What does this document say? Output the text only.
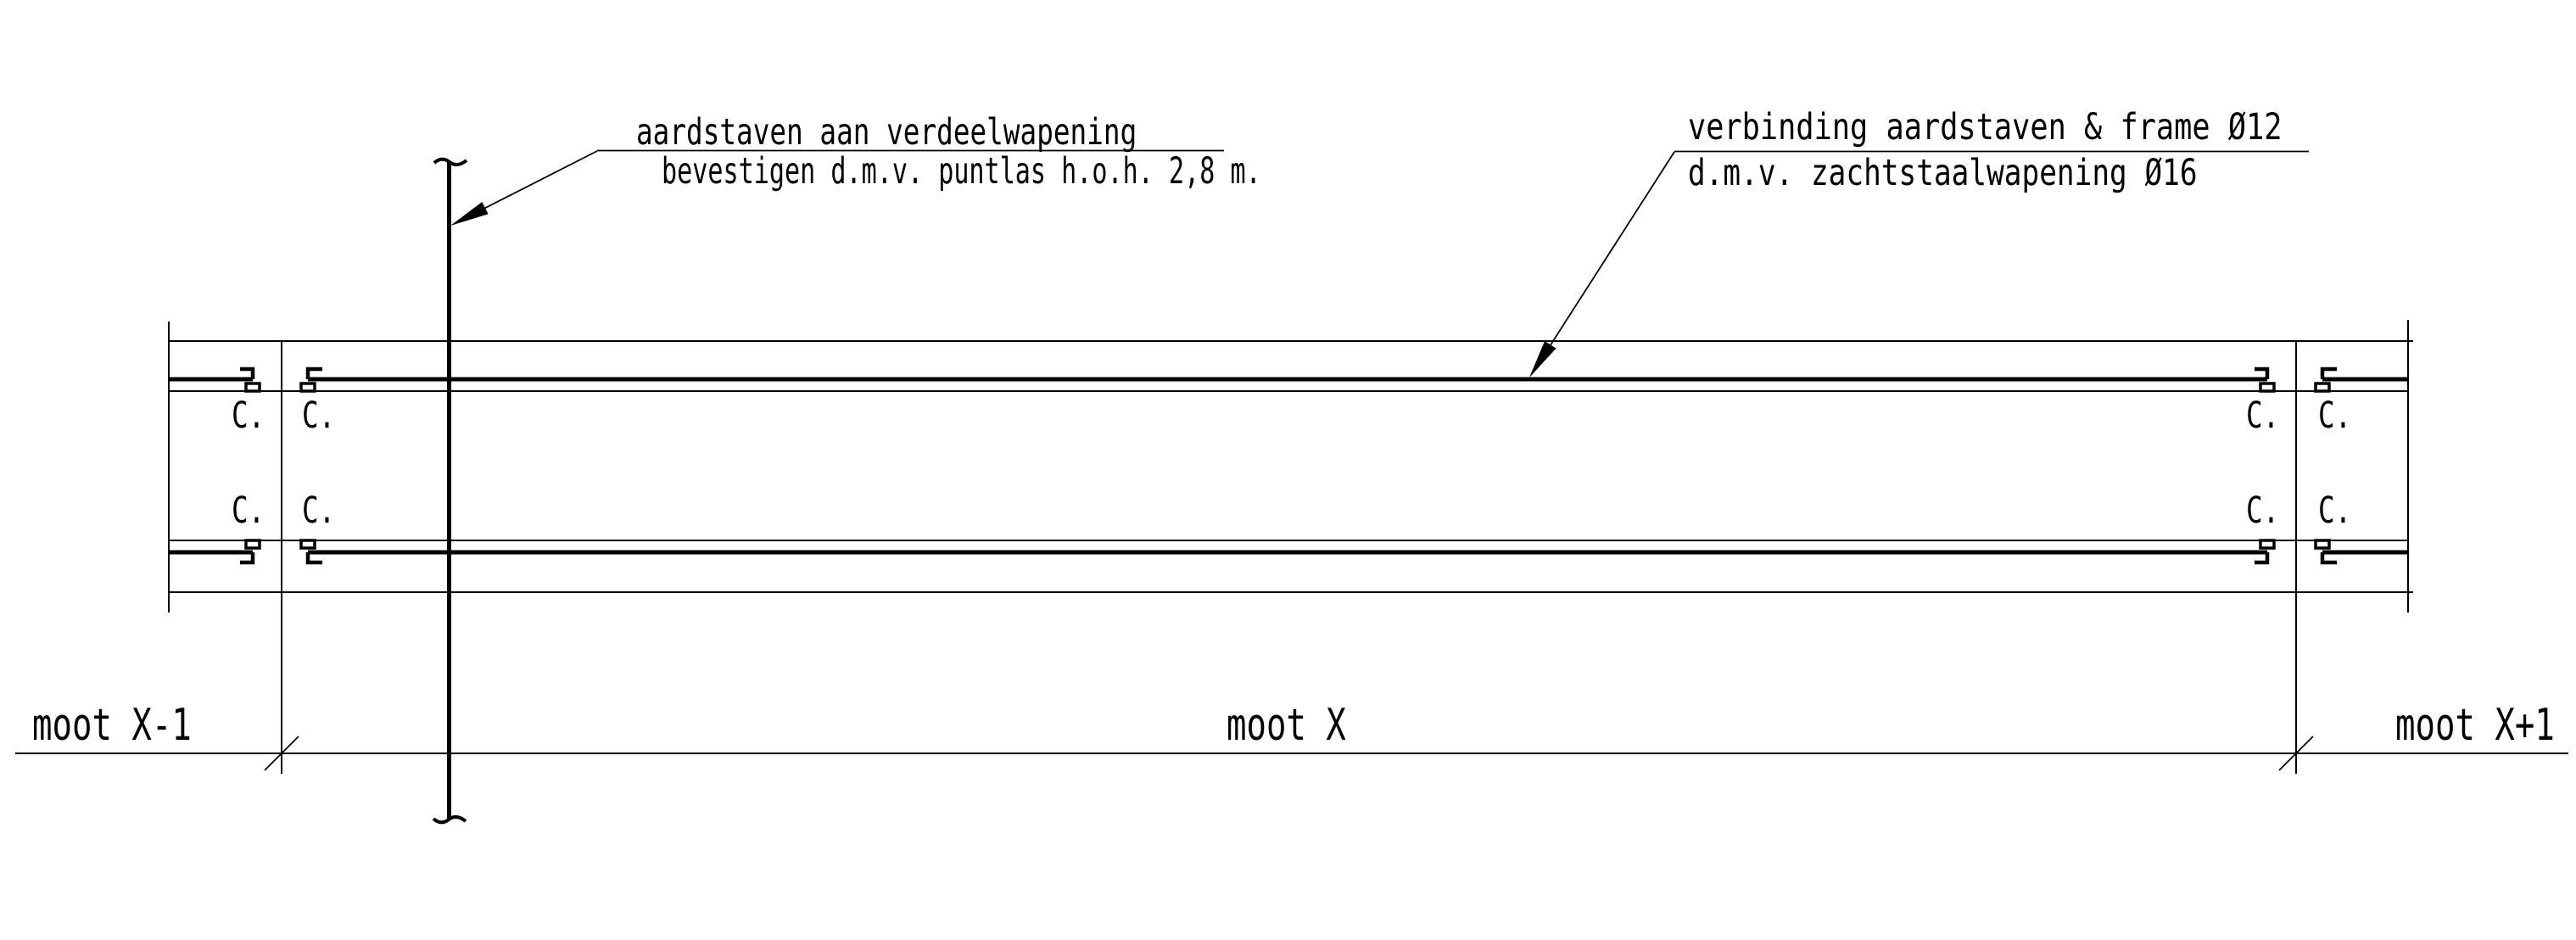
aardstaven aan verdeelwapening
bevestigen d.m.v. puntlas h.o.h. 2,8 m.
verbinding aardstaven & frame Ø12
d.m.v. zachtstaalwapening Ø16
C. C.	C. C.
C. C.	C. C.
moot X-1	moot X	moot X+1
